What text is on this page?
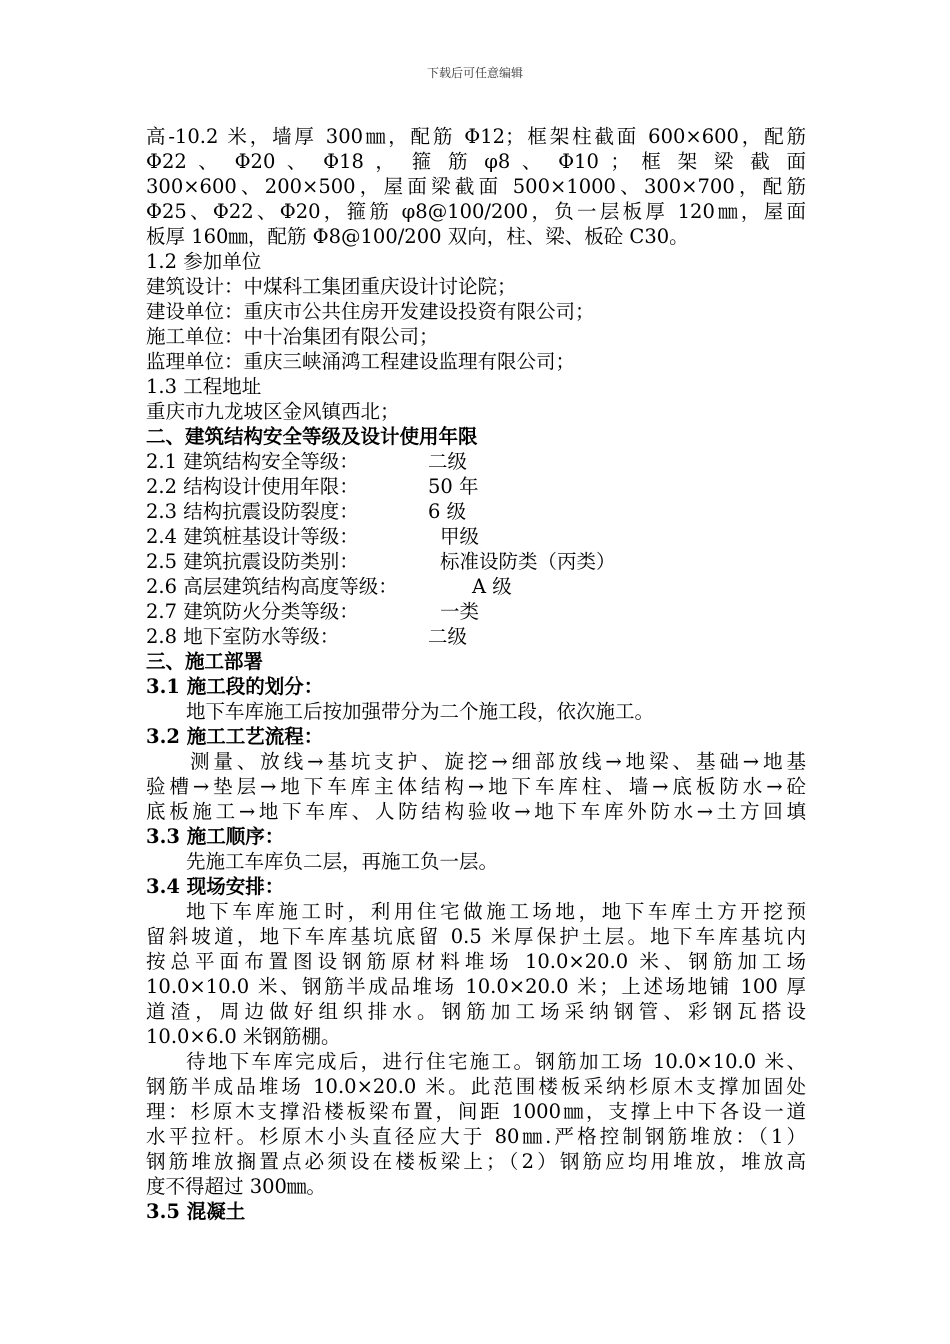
下载后可任意编辑
高-10.2 米，墙厚 300㎜，配筋 Φ12；框架柱截面 600×600，配筋
Φ22 、 Φ20 、 Φ18 ， 箍 筋 φ8 、 Φ10 ； 框 架 梁 截 面
300×600、200×500，屋面梁截面 500×1000、300×700，配筋
Φ25、Φ22、Φ20，箍筋 φ8@100/200，负一层板厚 120㎜，屋面
板厚 160㎜，配筋 Φ8@100/200 双向，柱、梁、板砼 C30。
1.2 参加单位
建筑设计：中煤科工集团重庆设计讨论院；
建设单位：重庆市公共住房开发建设投资有限公司；
施工单位：中十冶集团有限公司；
监理单位：重庆三峡涌鸿工程建设监理有限公司；
1.3 工程地址
重庆市九龙坡区金风镇西北；
二、建筑结构安全等级及设计使用年限
2.1 建筑结构安全等级：	二级
2.2 结构设计使用年限：	50 年
2.3 结构抗震设防裂度：	6 级
2.4 建筑桩基设计等级：	甲级
2.5 建筑抗震设防类别：	标准设防类（丙类）
2.6 高层建筑结构高度等级：	A 级
2.7 建筑防火分类等级：	一类
2.8 地下室防水等级：	二级
三、施工部署
3.1 施工段的划分：
地下车库施工后按加强带分为二个施工段，依次施工。
3.2 施工工艺流程：
测量、放线→基坑支护、旋挖→细部放线→地梁、基础→地基
验槽→垫层→地下车库主体结构→地下车库柱、墙→底板防水→砼
底板施工→地下车库、人防结构验收→地下车库外防水→土方回填
3.3 施工顺序：
先施工车库负二层，再施工负一层。
3.4 现场安排：
地下车库施工时，利用住宅做施工场地，地下车库土方开挖预
留斜坡道，地下车库基坑底留 0.5 米厚保护土层。地下车库基坑内
按总平面布置图设钢筋原材料堆场 10.0×20.0 米、钢筋加工场
10.0×10.0 米、钢筋半成品堆场 10.0×20.0 米；上述场地铺 100 厚
道渣，周边做好组织排水。钢筋加工场采纳钢管、彩钢瓦搭设
10.0×6.0 米钢筋棚。
待地下车库完成后，进行住宅施工。钢筋加工场 10.0×10.0 米、
钢筋半成品堆场 10.0×20.0 米。此范围楼板采纳杉原木支撑加固处
理：杉原木支撑沿楼板梁布置，间距 1000㎜，支撑上中下各设一道
水平拉杆。杉原木小头直径应大于 80㎜.严格控制钢筋堆放：（1）
钢筋堆放搁置点必须设在楼板梁上；（2）钢筋应均用堆放，堆放高
度不得超过 300㎜。
3.5 混凝土
